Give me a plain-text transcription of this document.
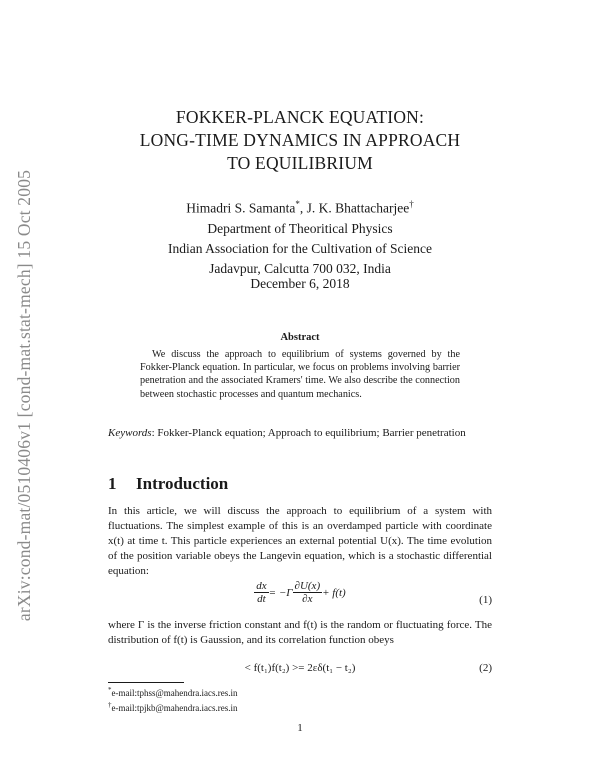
arXiv:cond-mat/0510406v1 [cond-mat.stat-mech] 15 Oct 2005
FOKKER-PLANCK EQUATION:
LONG-TIME DYNAMICS IN APPROACH
TO EQUILIBRIUM
Himadri S. Samanta*, J. K. Bhattacharjee†
Department of Theoritical Physics
Indian Association for the Cultivation of Science
Jadavpur, Calcutta 700 032, India
December 6, 2018
Abstract
We discuss the approach to equilibrium of systems governed by the Fokker-Planck equation. In particular, we focus on problems involving barrier penetration and the associated Kramers' time. We also describe the connection between stochastic processes and quantum mechanics.
Keywords: Fokker-Planck equation; Approach to equilibrium; Barrier penetration
1 Introduction
In this article, we will discuss the approach to equilibrium of a system with fluctuations. The simplest example of this is an overdamped particle with coordinate x(t) at time t. This particle experiences an external potential U(x). The time evolution of the position variable obeys the Langevin equation, which is a stochastic differential equation:
$\frac{dx}{dt} = -\Gamma \frac{\partial U(x)}{\partial x} + f(t)$
(1)
where Γ is the inverse friction constant and f(t) is the random or fluctuating force. The distribution of f(t) is Gaussion, and its correlation function obeys
< f(t₁)f(t₂) >= 2εδ(t₁ − t₂)	(2)
*e-mail:tphss@mahendra.iacs.res.in
†e-mail:tpjkb@mahendra.iacs.res.in
1
